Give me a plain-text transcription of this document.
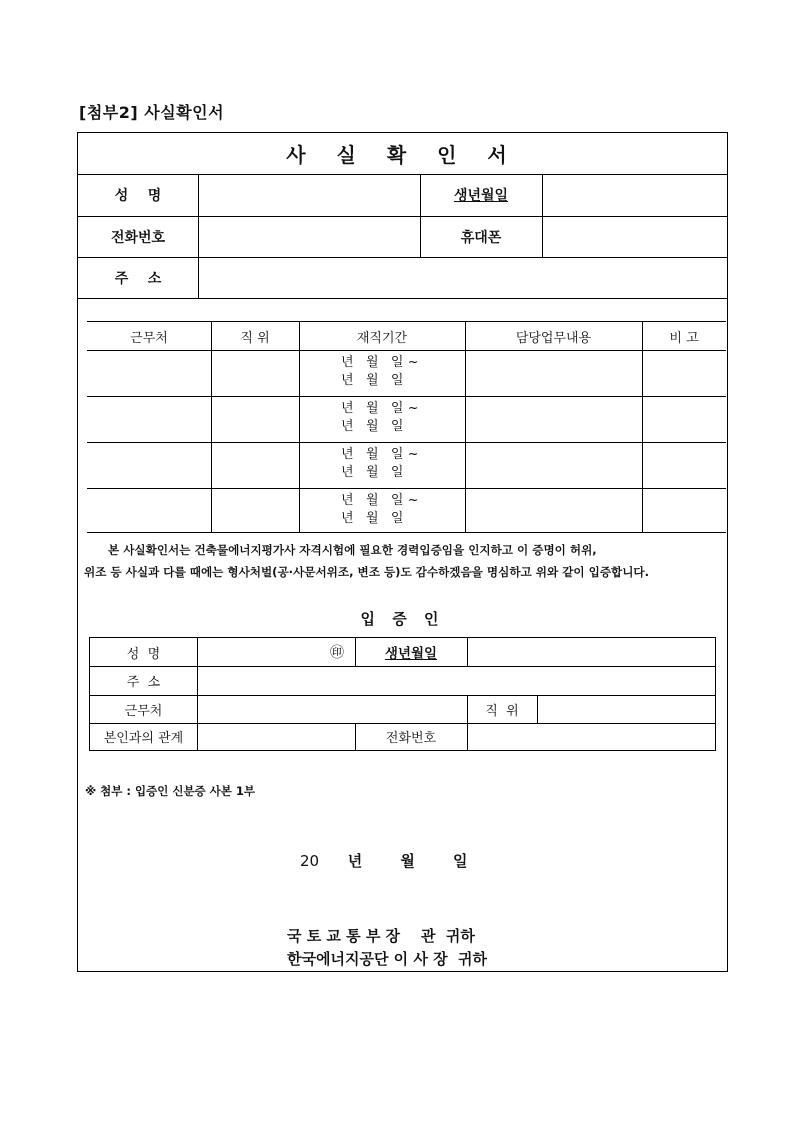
[첨부2] 사실확인서
사 실 확 인 서
성    명	생년월일
전화번호	휴대폰
주    소
근무처	직 위	재직기간	담당업무내용	비 고
년   월   일 ~
년   월   일
년   월   일 ~
년   월   일
년   월   일 ~
년   월   일
년   월   일 ~
년   월   일
본 사실확인서는 건축물에너지평가사 자격시험에 필요한 경력입증임을 인지하고 이 증명이 허위,
위조 등 사실과 다를 때에는 형사처벌(공·사문서위조, 변조 등)도 감수하겠음을 명심하고 위와 같이 입증합니다.
입 증 인
성  명	㊞	생년월일
주  소
근무처	직  위
본인과의 관계	전화번호
※ 첨부 : 입증인 신분증 사본 1부
20 년	월	일
국 토 교 통 부 장 관 귀하
한국에너지공단 이 사 장 귀하
